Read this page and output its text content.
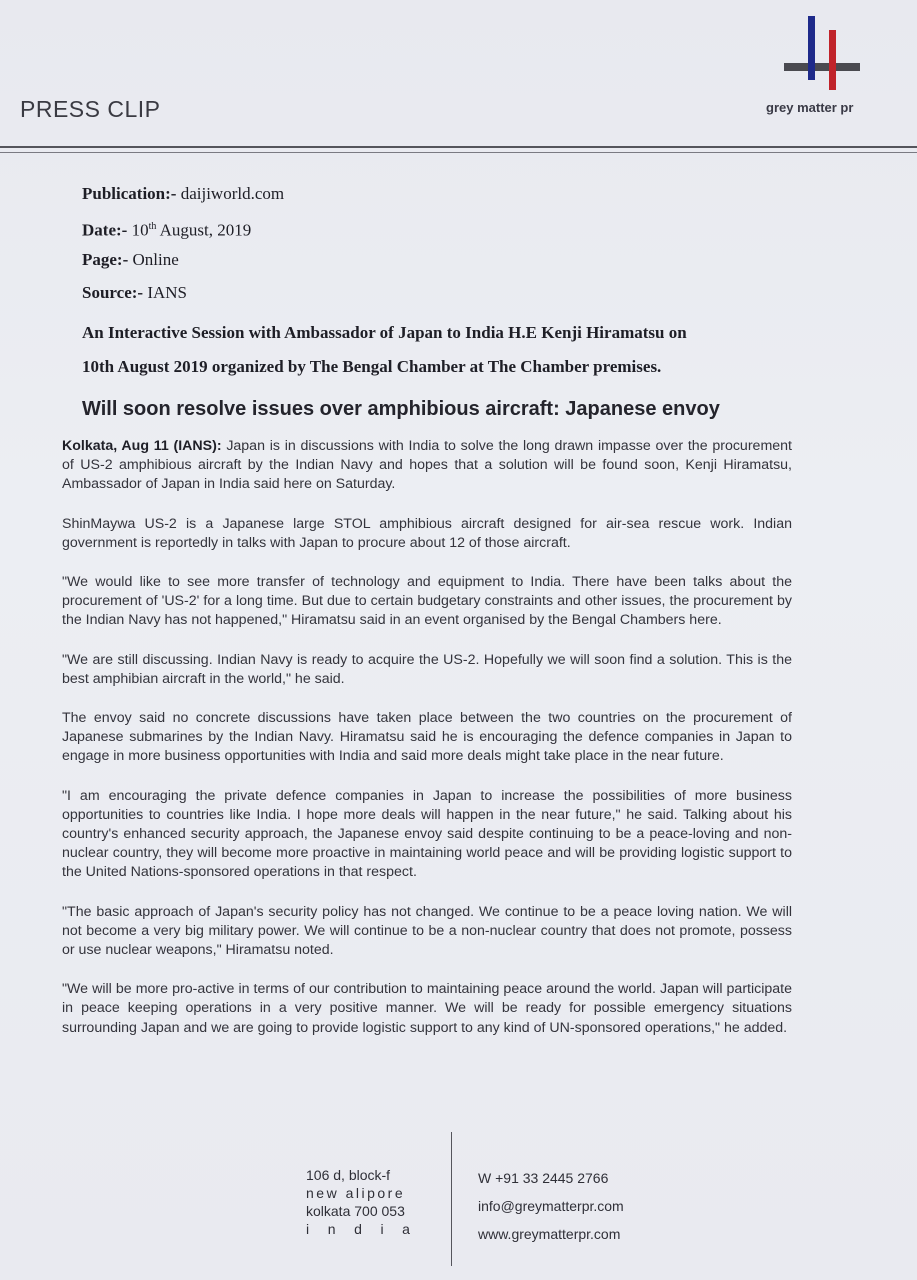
PRESS CLIP	grey matter pr
Publication:- daijiworld.com
Date:- 10th August, 2019
Page:- Online
Source:- IANS
An Interactive Session with Ambassador of Japan to India H.E Kenji Hiramatsu on
10th August 2019 organized by The Bengal Chamber at The Chamber premises.
Will soon resolve issues over amphibious aircraft: Japanese envoy

Kolkata, Aug 11 (IANS): Japan is in discussions with India to solve the long drawn impasse over the procurement of US-2 amphibious aircraft by the Indian Navy and hopes that a solution will be found soon, Kenji Hiramatsu, Ambassador of Japan in India said here on Saturday.

ShinMaywa US-2 is a Japanese large STOL amphibious aircraft designed for air-sea rescue work. Indian government is reportedly in talks with Japan to procure about 12 of those aircraft.

"We would like to see more transfer of technology and equipment to India. There have been talks about the procurement of 'US-2' for a long time. But due to certain budgetary constraints and other issues, the procurement by the Indian Navy has not happened," Hiramatsu said in an event organised by the Bengal Chambers here.

"We are still discussing. Indian Navy is ready to acquire the US-2. Hopefully we will soon find a solution. This is the best amphibian aircraft in the world," he said.

The envoy said no concrete discussions have taken place between the two countries on the procurement of Japanese submarines by the Indian Navy. Hiramatsu said he is encouraging the defence companies in Japan to engage in more business opportunities with India and said more deals might take place in the near future.

"I am encouraging the private defence companies in Japan to increase the possibilities of more business opportunities to countries like India. I hope more deals will happen in the near future," he said. Talking about his country's enhanced security approach, the Japanese envoy said despite continuing to be a peace-loving and non-nuclear country, they will become more proactive in maintaining world peace and will be providing logistic support to the United Nations-sponsored operations in that respect.

"The basic approach of Japan's security policy has not changed. We continue to be a peace loving nation. We will not become a very big military power. We will continue to be a non-nuclear country that does not promote, possess or use nuclear weapons," Hiramatsu noted.

"We will be more pro-active in terms of our contribution to maintaining peace around the world. Japan will participate in peace keeping operations in a very positive manner. We will be ready for possible emergency situations surrounding Japan and we are going to provide logistic support to any kind of UN-sponsored operations," he added.

106 d, block-f
new alipore
kolkata 700 053
i n d i a
W +91 33 2445 2766
info@greymatterpr.com
www.greymatterpr.com
